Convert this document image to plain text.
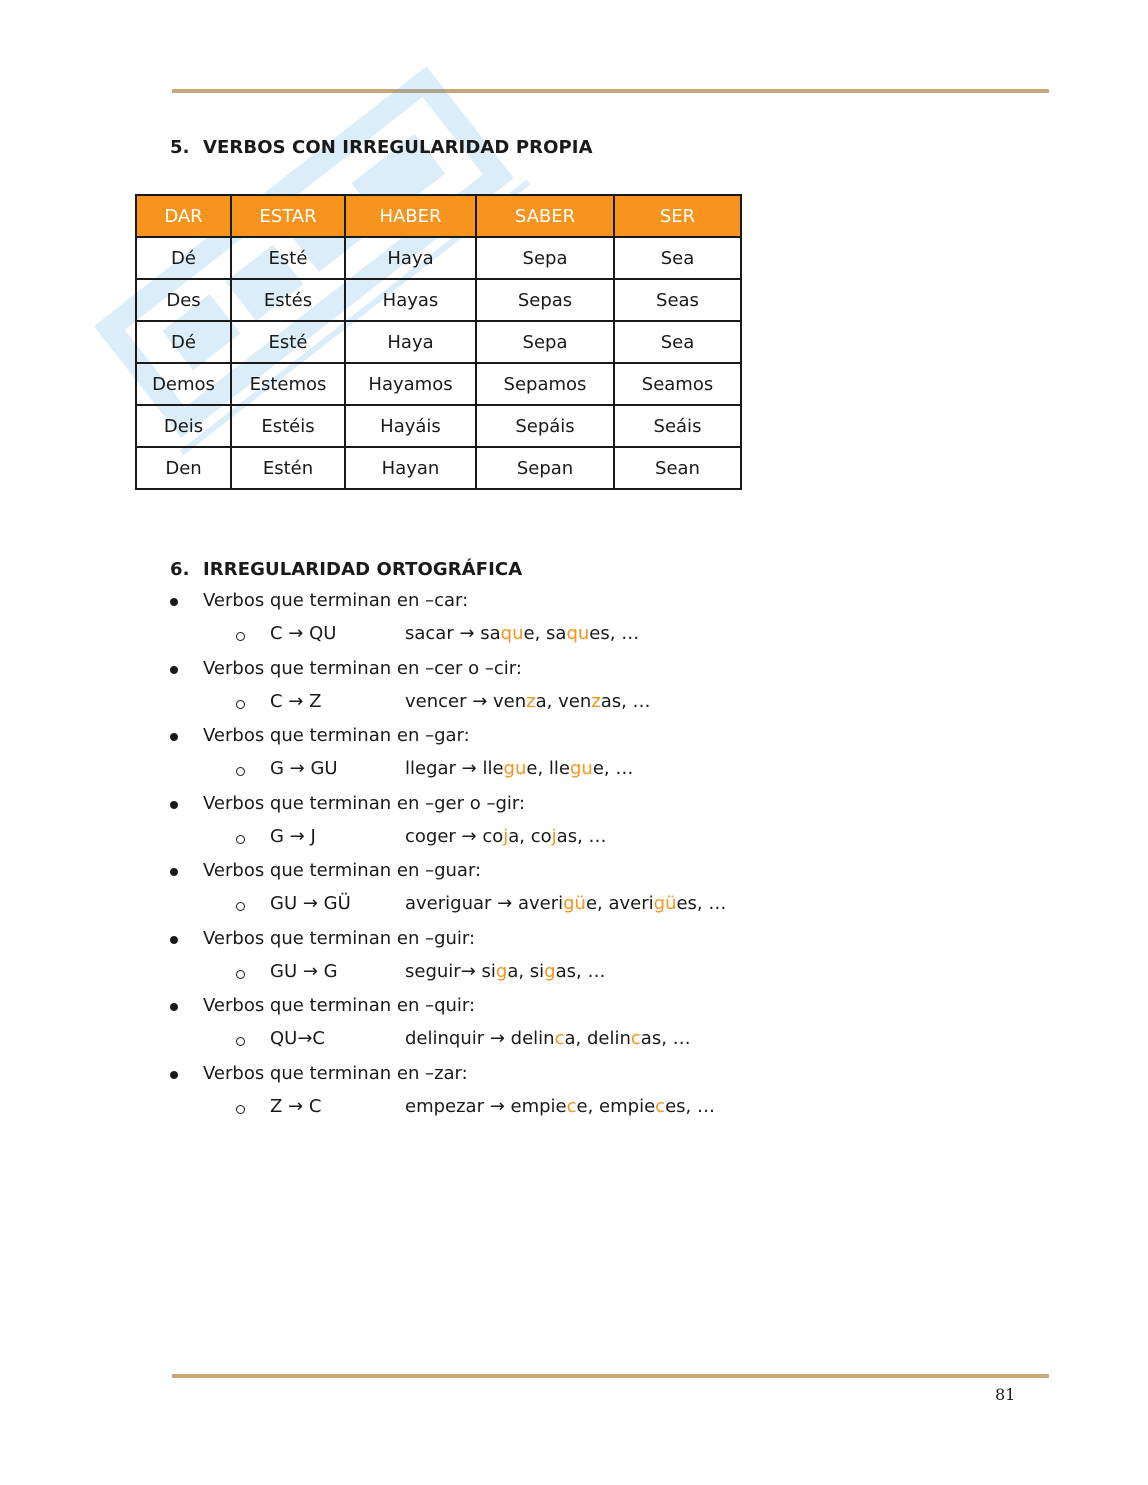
5. VERBOS CON IRREGULARIDAD PROPIA
DAR	ESTAR	HABER	SABER	SER
Dé	Esté	Haya	Sepa	Sea
Des	Estés	Hayas	Sepas	Seas
Dé	Esté	Haya	Sepa	Sea
Demos	Estemos	Hayamos	Sepamos	Seamos
Deis	Estéis	Hayáis	Sepáis	Seáis
Den	Estén	Hayan	Sepan	Sean
6. IRREGULARIDAD ORTOGRÁFICA
Verbos que terminan en –car:
C → QU	sacar → saque, saques, …
Verbos que terminan en –cer o –cir:
C → Z	vencer → venza, venzas, …
Verbos que terminan en –gar:
G → GU	llegar → llegue, llegue, …
Verbos que terminan en –ger o –gir:
G → J	coger → coja, cojas, …
Verbos que terminan en –guar:
GU → GÜ	averiguar → averigüe, averigües, …
Verbos que terminan en –guir:
GU → G	seguir→ siga, sigas, …
Verbos que terminan en –quir:
QU→C	delinquir → delinca, delincas, …
Verbos que terminan en –zar:
Z → C	empezar → empiece, empieces, …
81
